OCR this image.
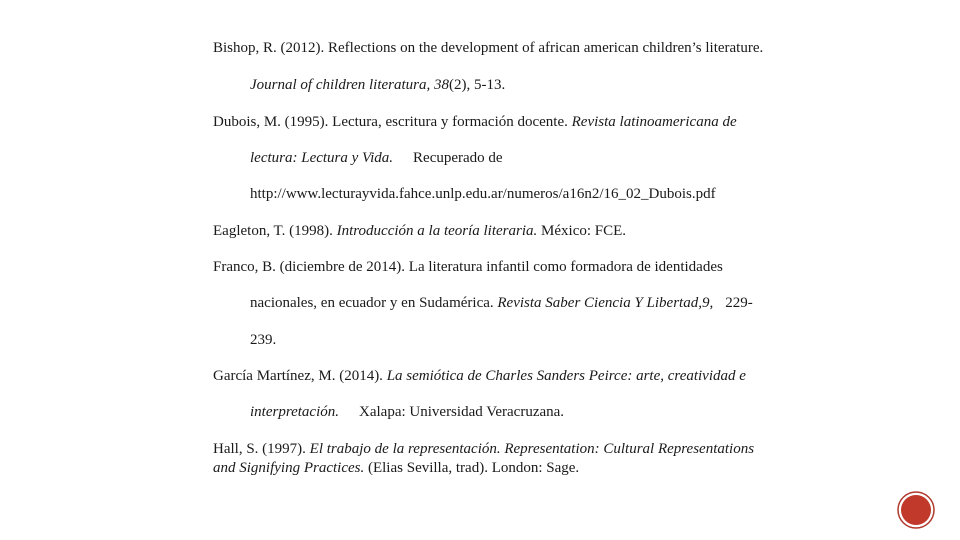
Bishop, R. (2012). Reflections on the development of african american children’s literature.
Journal of children literatura, 38(2), 5-13.
Dubois, M. (1995). Lectura, escritura y formación docente. Revista latinoamericana de
lectura: Lectura y Vida. Recuperado de
http://www.lecturayvida.fahce.unlp.edu.ar/numeros/a16n2/16_02_Dubois.pdf
Eagleton, T. (1998). Introducción a la teoría literaria. México: FCE.
Franco, B. (diciembre de 2014). La literatura infantil como formadora de identidades
nacionales, en ecuador y en Sudamérica. Revista Saber Ciencia Y Libertad,9, 229-
239.
García Martínez, M. (2014). La semiótica de Charles Sanders Peirce: arte, creatividad e
interpretación. Xalapa: Universidad Veracruzana.
Hall, S. (1997). El trabajo de la representación. Representation: Cultural Representations
and Signifying Practices. (Elias Sevilla, trad). London: Sage.
